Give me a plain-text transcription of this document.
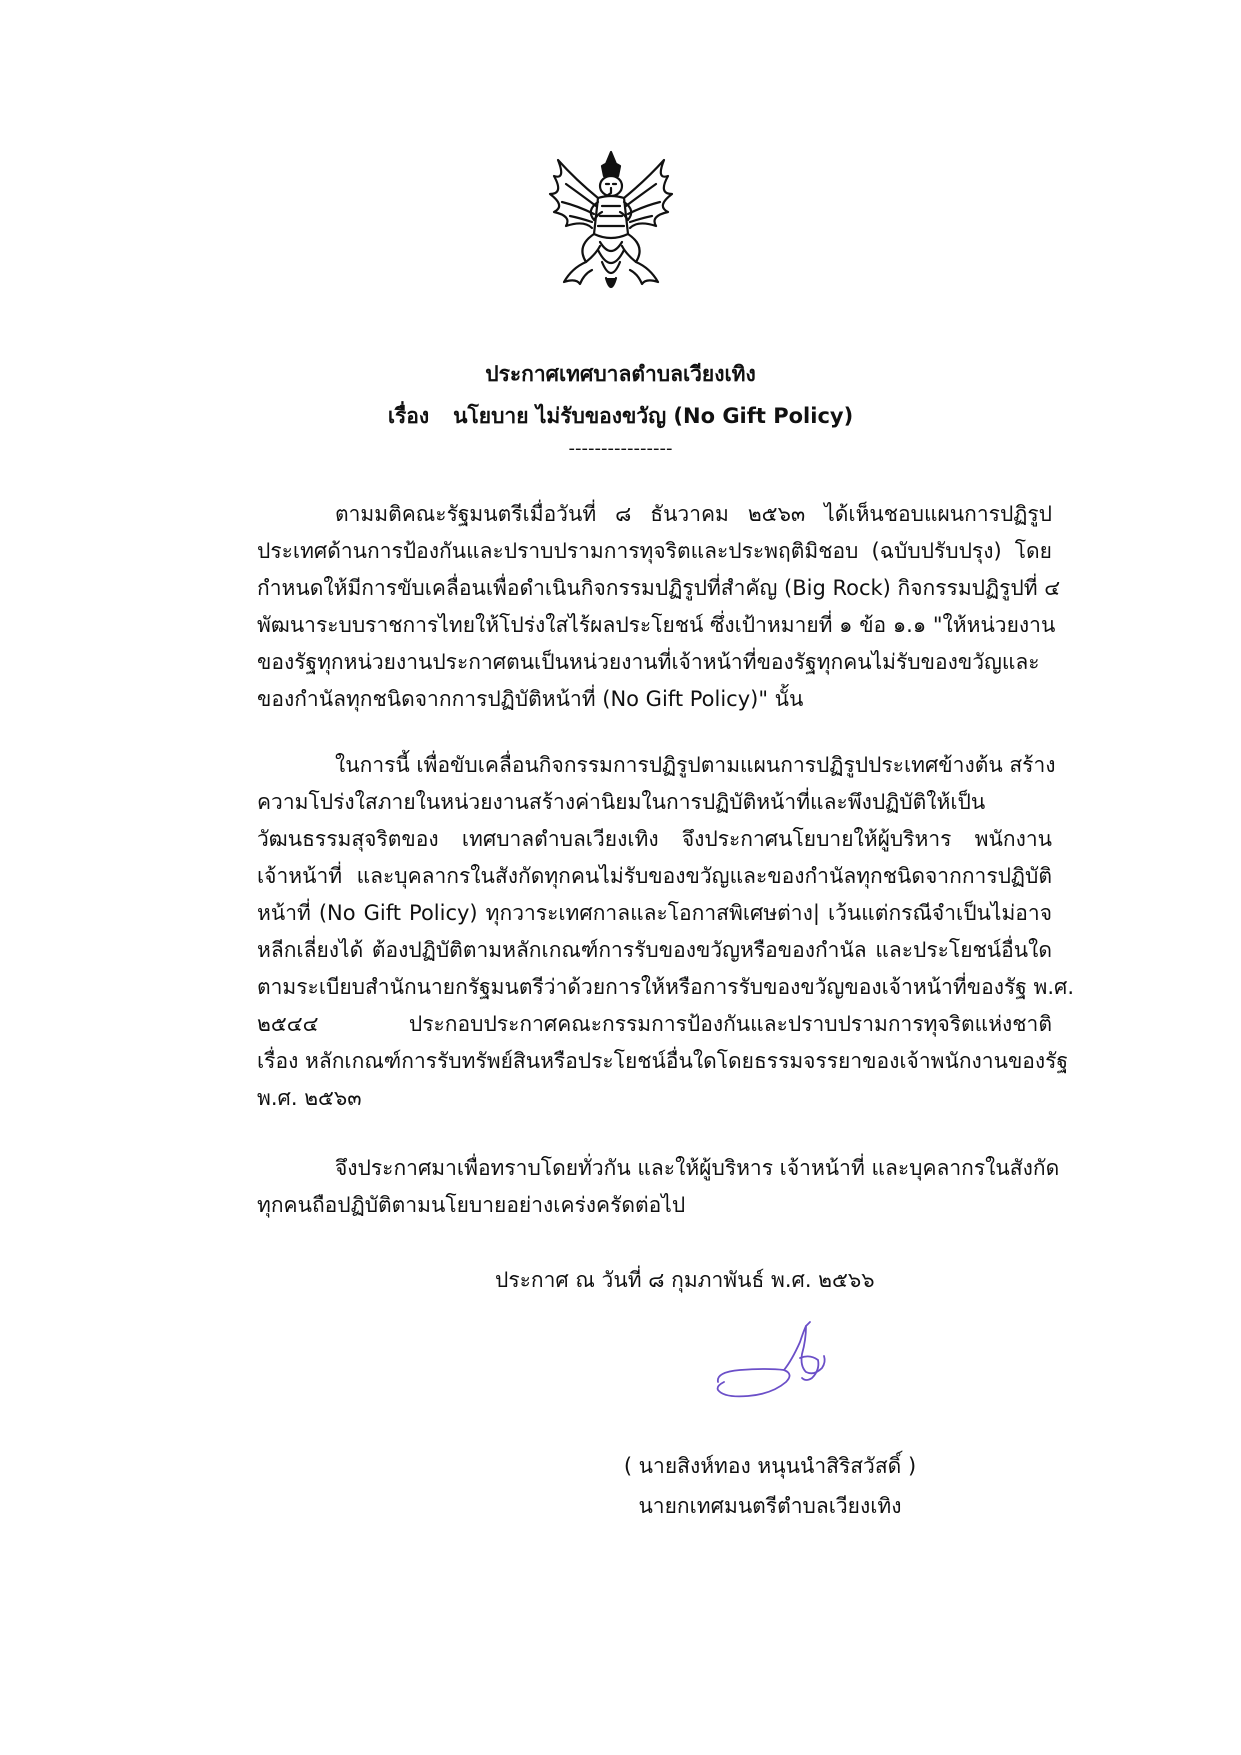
ประกาศเทศบาลตำบลเวียงเทิง
เรื่อง นโยบาย ไม่รับของขวัญ (No Gift Policy)
----------------

ตามมติคณะรัฐมนตรีเมื่อวันที่ ๘ ธันวาคม ๒๕๖๓ ได้เห็นชอบแผนการปฏิรูป
ประเทศด้านการป้องกันและปราบปรามการทุจริตและประพฤติมิชอบ (ฉบับปรับปรุง) โดย
กำหนดให้มีการขับเคลื่อนเพื่อดำเนินกิจกรรมปฏิรูปที่สำคัญ (Big Rock) กิจกรรมปฏิรูปที่ ๔
พัฒนาระบบราชการไทยให้โปร่งใสไร้ผลประโยชน์ ซึ่งเป้าหมายที่ ๑ ข้อ ๑.๑ "ให้หน่วยงาน
ของรัฐทุกหน่วยงานประกาศตนเป็นหน่วยงานที่เจ้าหน้าที่ของรัฐทุกคนไม่รับของขวัญและ
ของกำนัลทุกชนิดจากการปฏิบัติหน้าที่ (No Gift Policy)" นั้น

ในการนี้ เพื่อขับเคลื่อนกิจกรรมการปฏิรูปตามแผนการปฏิรูปประเทศข้างต้น สร้าง
ความโปร่งใสภายในหน่วยงานสร้างค่านิยมในการปฏิบัติหน้าที่และพึงปฏิบัติให้เป็น
วัฒนธรรมสุจริตของ เทศบาลตำบลเวียงเทิง จึงประกาศนโยบายให้ผู้บริหาร พนักงาน
เจ้าหน้าที่ และบุคลากรในสังกัดทุกคนไม่รับของขวัญและของกำนัลทุกชนิดจากการปฏิบัติ
หน้าที่ (No Gift Policy) ทุกวาระเทศกาลและโอกาสพิเศษต่าง| เว้นแต่กรณีจำเป็นไม่อาจ
หลีกเลี่ยงได้ ต้องปฏิบัติตามหลักเกณฑ์การรับของขวัญหรือของกำนัล และประโยชน์อื่นใด
ตามระเบียบสำนักนายกรัฐมนตรีว่าด้วยการให้หรือการรับของขวัญของเจ้าหน้าที่ของรัฐ พ.ศ.
๒๕๔๔ ประกอบประกาศคณะกรรมการป้องกันและปราบปรามการทุจริตแห่งชาติ
เรื่อง หลักเกณฑ์การรับทรัพย์สินหรือประโยชน์อื่นใดโดยธรรมจรรยาของเจ้าพนักงานของรัฐ
พ.ศ. ๒๕๖๓

จึงประกาศมาเพื่อทราบโดยทั่วกัน และให้ผู้บริหาร เจ้าหน้าที่ และบุคลากรในสังกัด
ทุกคนถือปฏิบัติตามนโยบายอย่างเคร่งครัดต่อไป

ประกาศ ณ วันที่ ๘ กุมภาพันธ์ พ.ศ. ๒๕๖๖
( นายสิงห์ทอง หนุนนำสิริสวัสดิ์ )
นายกเทศมนตรีตำบลเวียงเทิง
